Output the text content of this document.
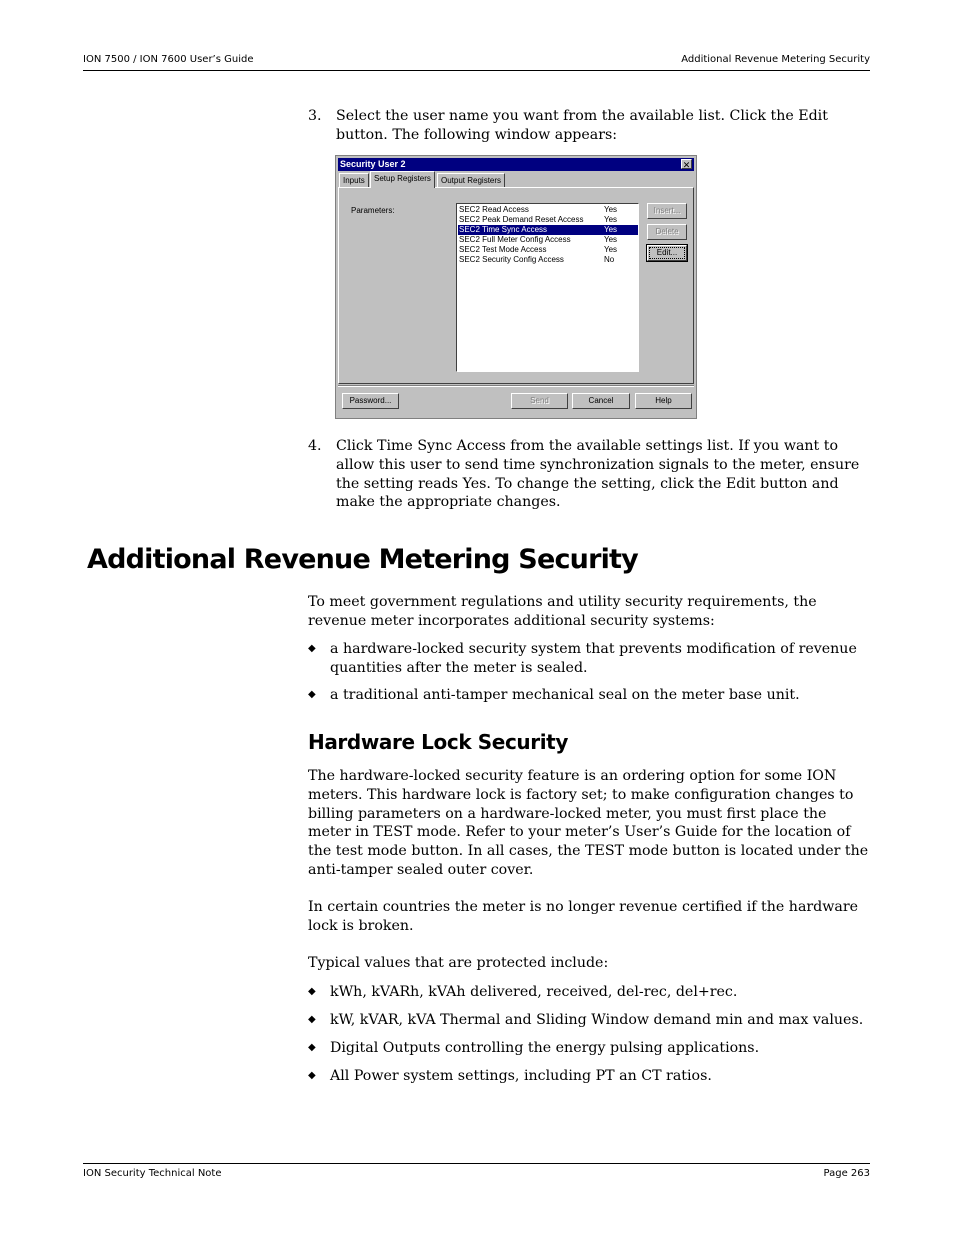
ION 7500 / ION 7600 User’s Guide	Additional Revenue Metering Security
3. Select the user name you want from the available list. Click the Edit button. The following window appears:
Security User 2	✕
Inputs	Setup Registers	Output Registers
Parameters:	SEC2 Read Access	Yes
SEC2 Peak Demand Reset Access	Yes
SEC2 Time Sync Access	Yes
SEC2 Full Meter Config Access	Yes
SEC2 Test Mode Access	Yes
SEC2 Security Config Access	No
Insert...
Delete
Edit...
Password...	Send	Cancel	Help
4. Click Time Sync Access from the available settings list. If you want to allow this user to send time synchronization signals to the meter, ensure the setting reads Yes. To change the setting, click the Edit button and make the appropriate changes.
Additional Revenue Metering Security

To meet government regulations and utility security requirements, the revenue meter incorporates additional security systems:

◆ a hardware-locked security system that prevents modification of revenue quantities after the meter is sealed.
◆ a traditional anti-tamper mechanical seal on the meter base unit.
Hardware Lock Security

The hardware-locked security feature is an ordering option for some ION meters. This hardware lock is factory set; to make configuration changes to billing parameters on a hardware-locked meter, you must first place the meter in TEST mode. Refer to your meter’s User’s Guide for the location of the test mode button. In all cases, the TEST mode button is located under the anti-tamper sealed outer cover.

In certain countries the meter is no longer revenue certified if the hardware lock is broken.

Typical values that are protected include:

◆ kWh, kVARh, kVAh delivered, received, del-rec, del+rec.
◆ kW, kVAR, kVA Thermal and Sliding Window demand min and max values.
◆ Digital Outputs controlling the energy pulsing applications.
◆ All Power system settings, including PT an CT ratios.
ION Security Technical Note	Page 263
